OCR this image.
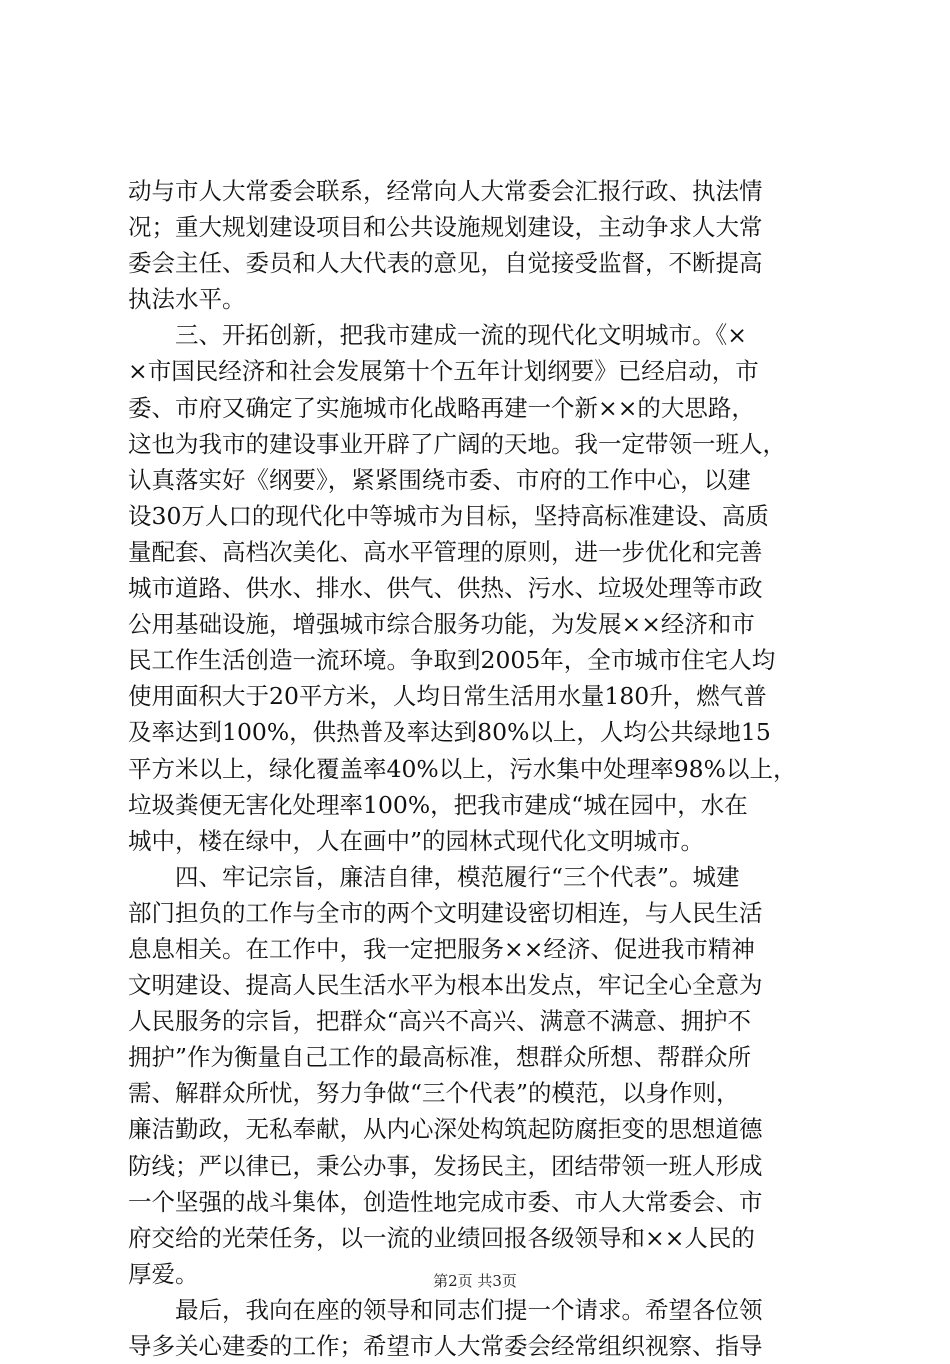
动与市人大常委会联系，经常向人大常委会汇报行政、执法情
况；重大规划建设项目和公共设施规划建设，主动争求人大常
委会主任、委员和人大代表的意见，自觉接受监督，不断提高
执法水平。
　　三、开拓创新，把我市建成一流的现代化文明城市。《×
×市国民经济和社会发展第十个五年计划纲要》已经启动，市
委、市府又确定了实施城市化战略再建一个新××的大思路，
这也为我市的建设事业开辟了广阔的天地。我一定带领一班人，
认真落实好《纲要》，紧紧围绕市委、市府的工作中心，以建
设30万人口的现代化中等城市为目标，坚持高标准建设、高质
量配套、高档次美化、高水平管理的原则，进一步优化和完善
城市道路、供水、排水、供气、供热、污水、垃圾处理等市政
公用基础设施，增强城市综合服务功能，为发展××经济和市
民工作生活创造一流环境。争取到2005年，全市城市住宅人均
使用面积大于20平方米，人均日常生活用水量180升，燃气普
及率达到100%，供热普及率达到80%以上，人均公共绿地15
平方米以上，绿化覆盖率40%以上，污水集中处理率98%以上，
垃圾粪便无害化处理率100%，把我市建成“城在园中，水在
城中，楼在绿中，人在画中”的园林式现代化文明城市。
　　四、牢记宗旨，廉洁自律，模范履行“三个代表”。城建
部门担负的工作与全市的两个文明建设密切相连，与人民生活
息息相关。在工作中，我一定把服务××经济、促进我市精神
文明建设、提高人民生活水平为根本出发点，牢记全心全意为
人民服务的宗旨，把群众“高兴不高兴、满意不满意、拥护不
拥护”作为衡量自己工作的最高标准，想群众所想、帮群众所
需、解群众所忧，努力争做“三个代表”的模范，以身作则，
廉洁勤政，无私奉献，从内心深处构筑起防腐拒变的思想道德
防线；严以律已，秉公办事，发扬民主，团结带领一班人形成
一个坚强的战斗集体，创造性地完成市委、市人大常委会、市
府交给的光荣任务，以一流的业绩回报各级领导和××人民的
厚爱。
　　最后，我向在座的领导和同志们提一个请求。希望各位领
导多关心建委的工作；希望市人大常委会经常组织视察、指导
第2页 共3页
